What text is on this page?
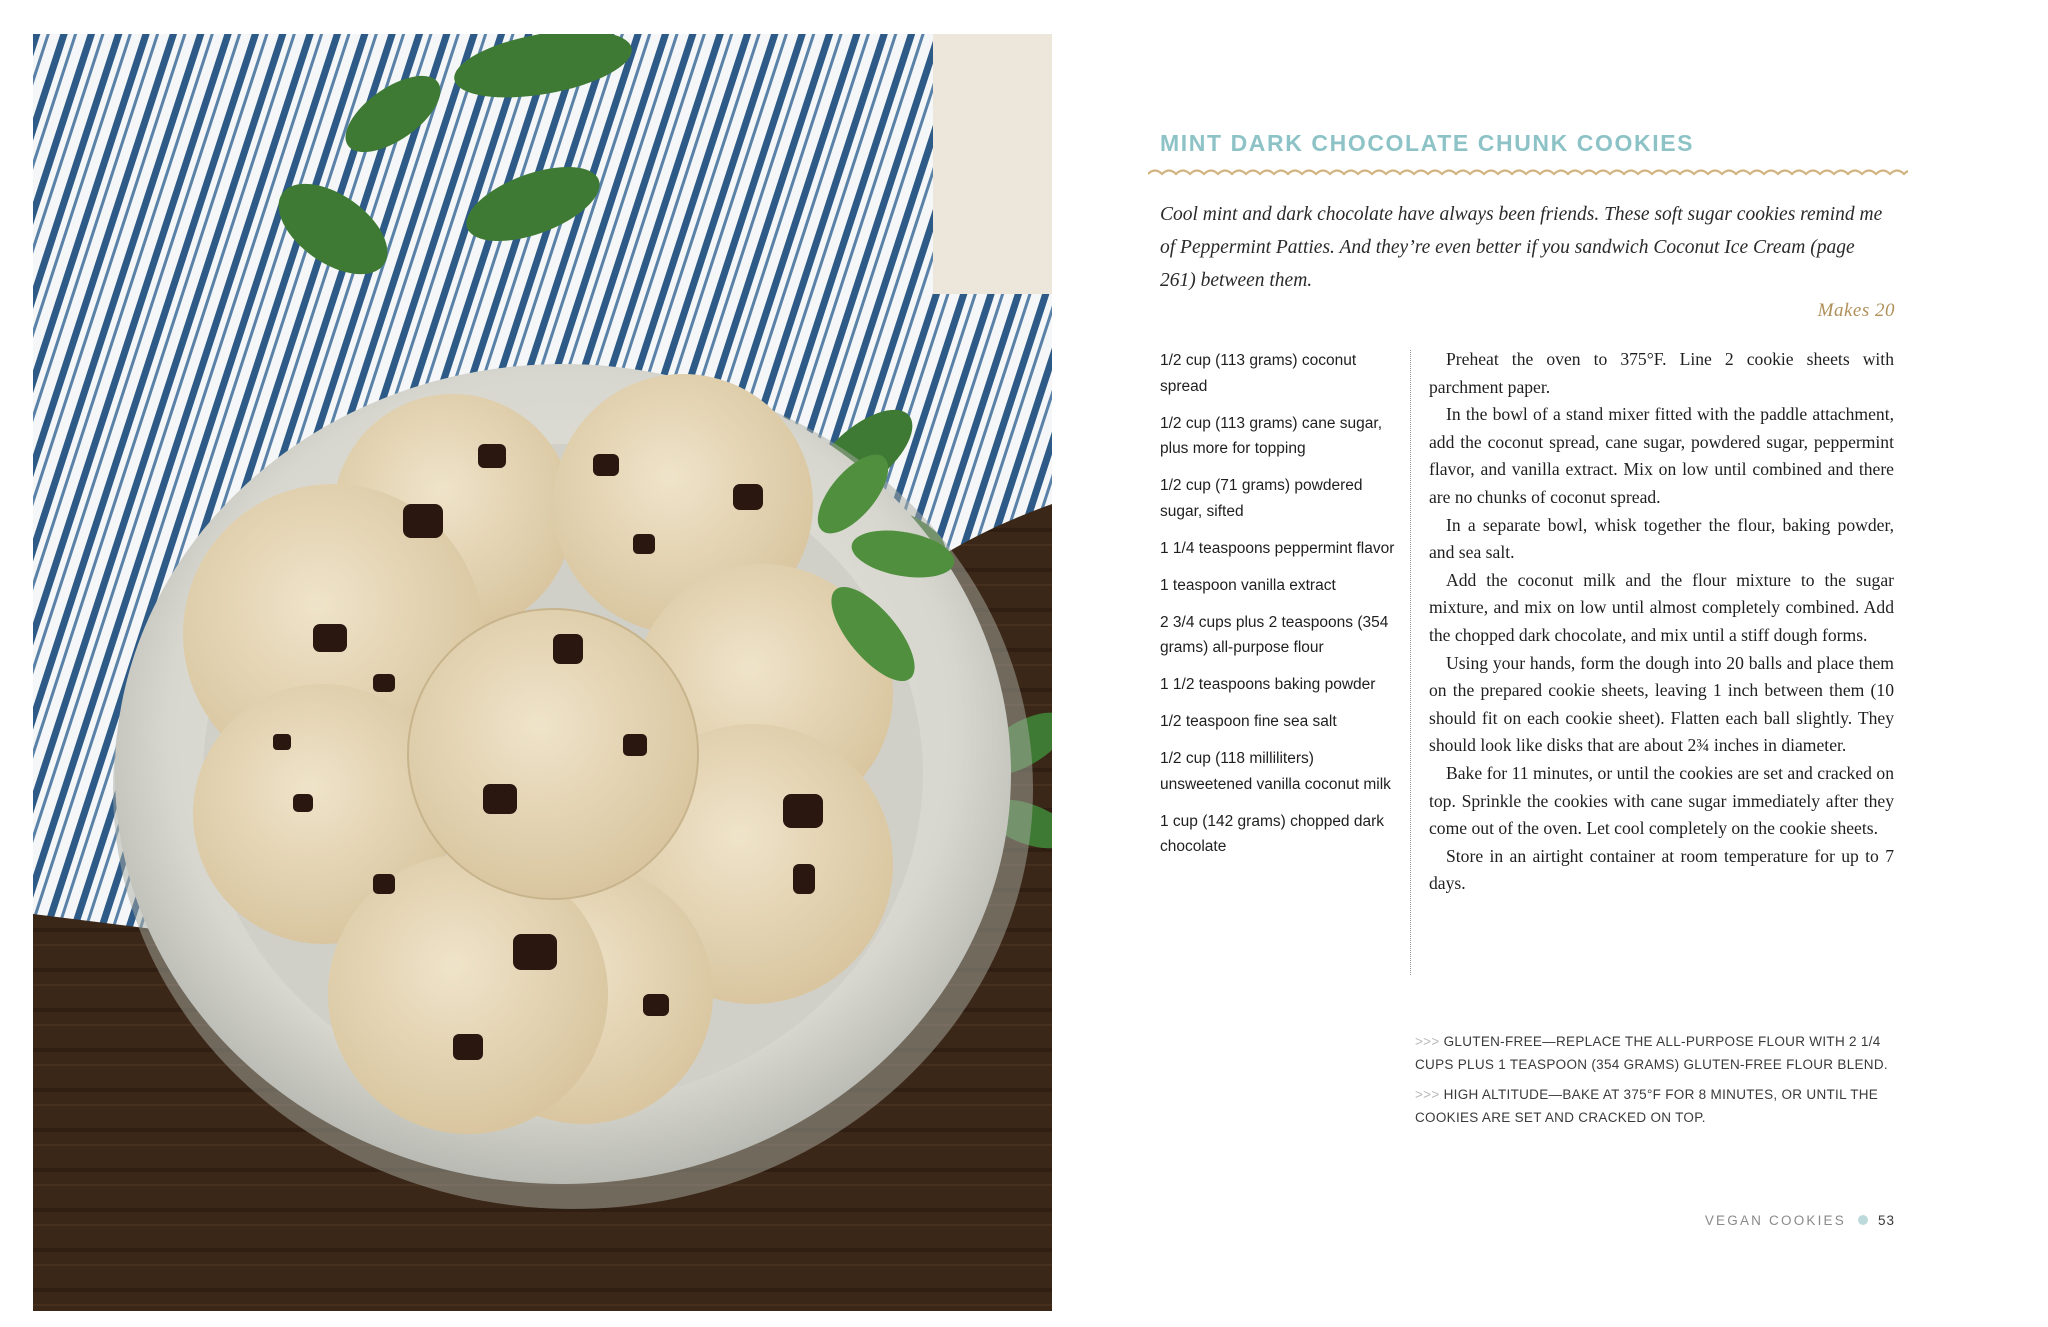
MINT DARK CHOCOLATE CHUNK COOKIES

Cool mint and dark chocolate have always been friends. These soft sugar cookies remind me of Peppermint Patties. And they’re even better if you sandwich Coconut Ice Cream (page 261) between them.

Makes 20
1/2 cup (113 grams) coconut spread
1/2 cup (113 grams) cane sugar, plus more for topping
1/2 cup (71 grams) powdered sugar, sifted
1 1/4 teaspoons peppermint flavor
1 teaspoon vanilla extract
2 3/4 cups plus 2 teaspoons (354 grams) all-purpose flour
1 1/2 teaspoons baking powder
1/2 teaspoon fine sea salt
1/2 cup (118 milliliters) unsweetened vanilla coconut milk
1 cup (142 grams) chopped dark chocolate

Preheat the oven to 375°F. Line 2 cookie sheets with parchment paper.

In the bowl of a stand mixer fitted with the paddle attachment, add the coconut spread, cane sugar, powdered sugar, peppermint flavor, and vanilla extract. Mix on low until combined and there are no chunks of coconut spread.

In a separate bowl, whisk together the flour, baking powder, and sea salt.

Add the coconut milk and the flour mixture to the sugar mixture, and mix on low until almost completely combined. Add the chopped dark chocolate, and mix until a stiff dough forms.

Using your hands, form the dough into 20 balls and place them on the prepared cookie sheets, leaving 1 inch between them (10 should fit on each cookie sheet). Flatten each ball slightly. They should look like disks that are about 2¾ inches in diameter.

Bake for 11 minutes, or until the cookies are set and cracked on top. Sprinkle the cookies with cane sugar immediately after they come out of the oven. Let cool completely on the cookie sheets.

Store in an airtight container at room temperature for up to 7 days.

>>> GLUTEN-FREE—REPLACE THE ALL-PURPOSE FLOUR WITH 2 1/4 CUPS PLUS 1 TEASPOON (354 GRAMS) GLUTEN-FREE FLOUR BLEND.

>>> HIGH ALTITUDE—BAKE AT 375°F FOR 8 MINUTES, OR UNTIL THE COOKIES ARE SET AND CRACKED ON TOP.

VEGAN COOKIES 53
